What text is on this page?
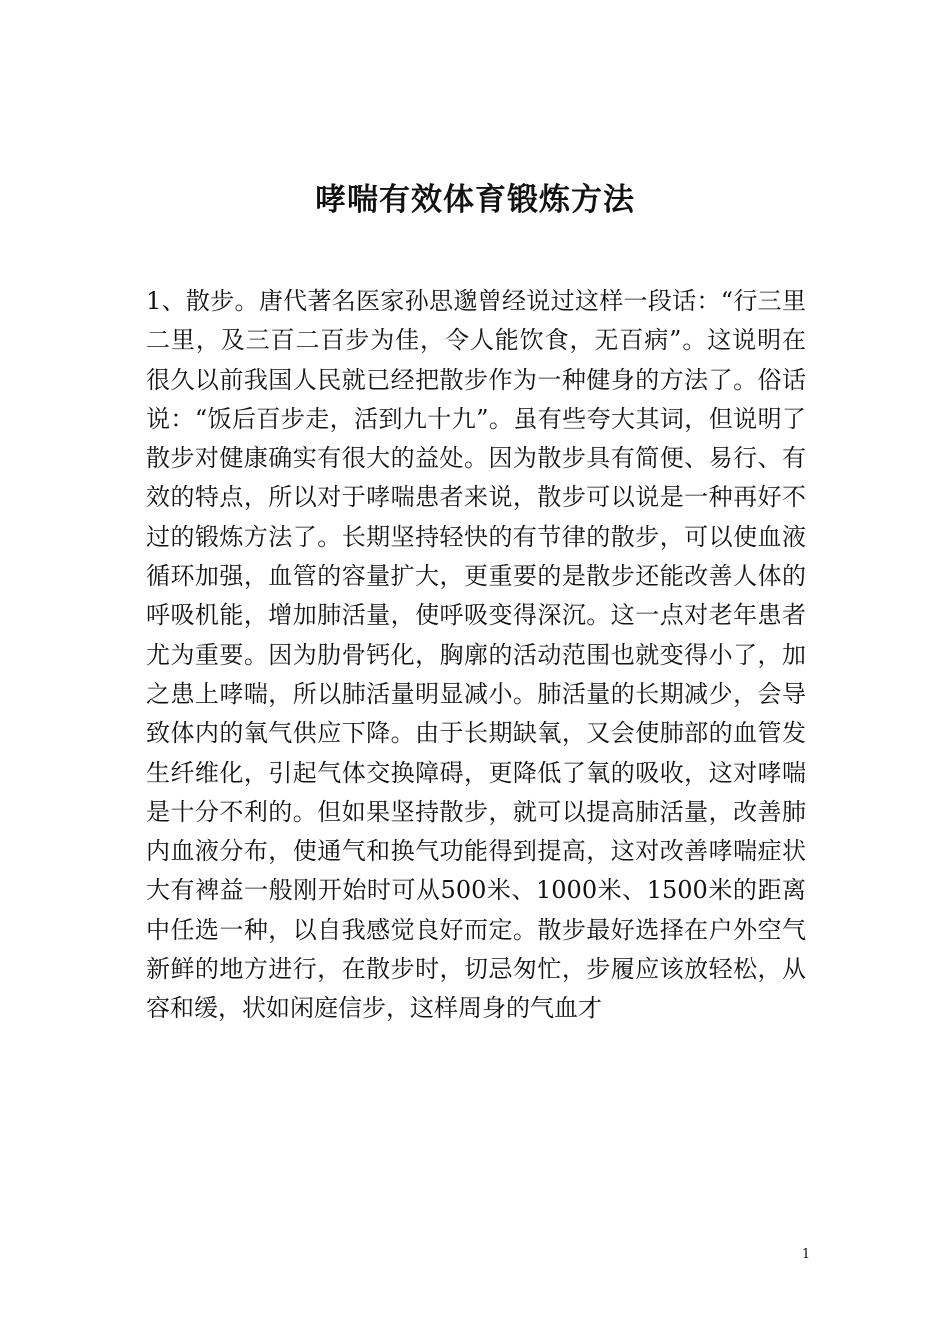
哮喘有效体育锻炼方法

1、散步。唐代著名医家孙思邈曾经说过这样一段话：“行三里二里，及三百二百步为佳，令人能饮食，无百病”。这说明在很久以前我国人民就已经把散步作为一种健身的方法了。俗话说：“饭后百步走，活到九十九”。虽有些夸大其词，但说明了散步对健康确实有很大的益处。因为散步具有简便、易行、有效的特点，所以对于哮喘患者来说，散步可以说是一种再好不过的锻炼方法了。长期坚持轻快的有节律的散步，可以使血液循环加强，血管的容量扩大，更重要的是散步还能改善人体的呼吸机能，增加肺活量，使呼吸变得深沉。这一点对老年患者尤为重要。因为肋骨钙化，胸廓的活动范围也就变得小了，加之患上哮喘，所以肺活量明显减小。肺活量的长期减少，会导致体内的氧气供应下降。由于长期缺氧，又会使肺部的血管发生纤维化，引起气体交换障碍，更降低了氧的吸收，这对哮喘是十分不利的。但如果坚持散步，就可以提高肺活量，改善肺内血液分布，使通气和换气功能得到提高，这对改善哮喘症状大有裨益一般刚开始时可从500米、1000米、1500米的距离中任选一种，以自我感觉良好而定。散步最好选择在户外空气新鲜的地方进行，在散步时，切忌匆忙，步履应该放轻松，从容和缓，状如闲庭信步，这样周身的气血才

1
